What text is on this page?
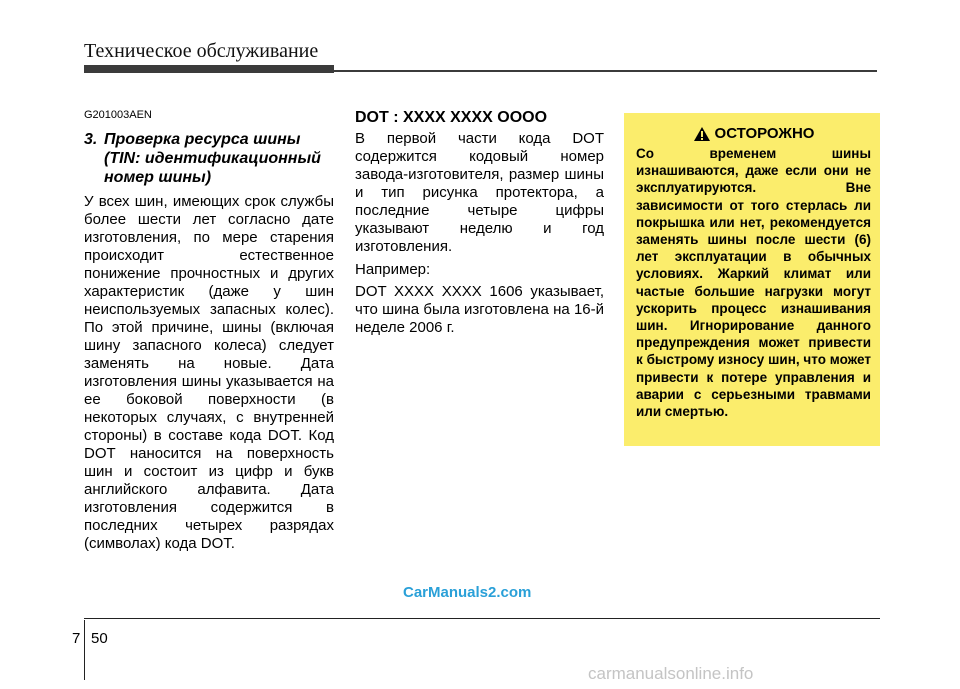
Техническое обслуживание
G201003AEN
3. Проверка ресурса шины (TIN: идентификационный номер шины)

У всех шин, имеющих срок службы более шести лет согласно дате изготовления, по мере старения происходит естественное понижение прочностных и других характеристик (даже у шин неиспользуемых запасных колес). По этой причине, шины (включая шину запасного колеса) следует заменять на новые. Дата изготовления шины указывается на ее боковой поверхности (в некоторых случаях, с внутренней стороны) в составе кода DOT. Код DOT наносится на поверхность шин и состоит из цифр и букв английского алфавита. Дата изготовления содержится в последних четырех разрядах (символах) кода DOT.

DOT : XXXX XXXX OOOO

В первой части кода DOT содержится кодовый номер завода-изготовителя, размер шины и тип рисунка протектора, а последние четыре цифры указывают неделю и год изготовления.

Например:

DOT XXXX XXXX 1606 указывает, что шина была изготовлена на 16-й неделе 2006 г.

ОСТОРОЖНО
Со временем шины изнашиваются, даже если они не эксплуатируются. Вне зависимости от того стерлась ли покрышка или нет, рекомендуется заменять шины после шести (6) лет эксплуатации в обычных условиях. Жаркий климат или частые большие нагрузки могут ускорить процесс изнашивания шин. Игнорирование данного предупреждения может привести к быстрому износу шин, что может привести к потере управления и аварии с серьезными травмами или смертью.
CarManuals2.com
7 50
carmanualsonline.info
